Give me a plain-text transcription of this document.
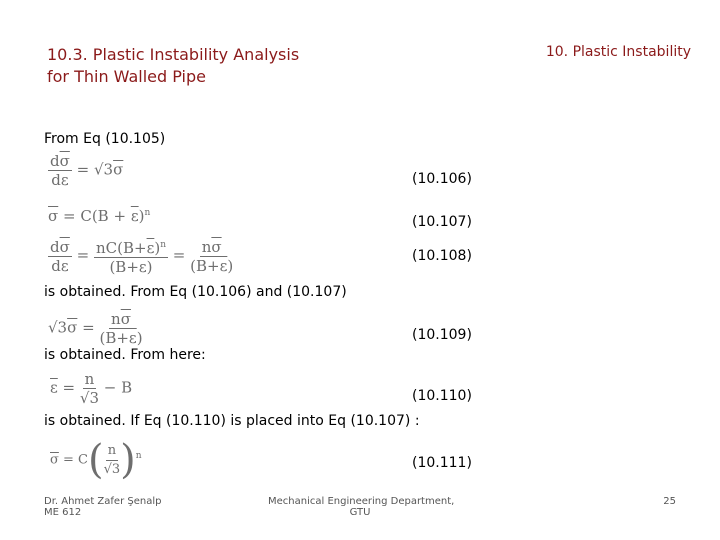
10.3. Plastic Instability Analysis
for Thin Walled Pipe
10. Plastic Instability
From Eq (10.105)
$\frac{d\overline{\sigma}}{d\overline{\varepsilon}} = √3\overline{\sigma}$
(10.106)
$\overline{\sigma} = C(B + \overline{\varepsilon})^n$
(10.107)
$\frac{d\overline{\sigma}}{d\overline{\varepsilon}} = \frac{nC(B+\overline{\varepsilon})^n}{(B+\overline{\varepsilon})} = \frac{n\overline{\sigma}}{(B+\overline{\varepsilon})}$	(10.108)
is obtained. From Eq (10.106) and (10.107)
$√3\overline{\sigma} = \frac{n\overline{\sigma}}{(B+\overline{\varepsilon})}$	(10.109)
is obtained. From here:
$\overline{\varepsilon} = \frac{n}{√3} - B$	(10.110)
is obtained. If Eq (10.110) is placed into Eq (10.107) :
$\overline{\sigma} = C( \frac{n}{√3} )^n$	(10.111)
Dr. Ahmet Zafer Şenalp
ME 612
Mechanical Engineering Department,
GTU
25
